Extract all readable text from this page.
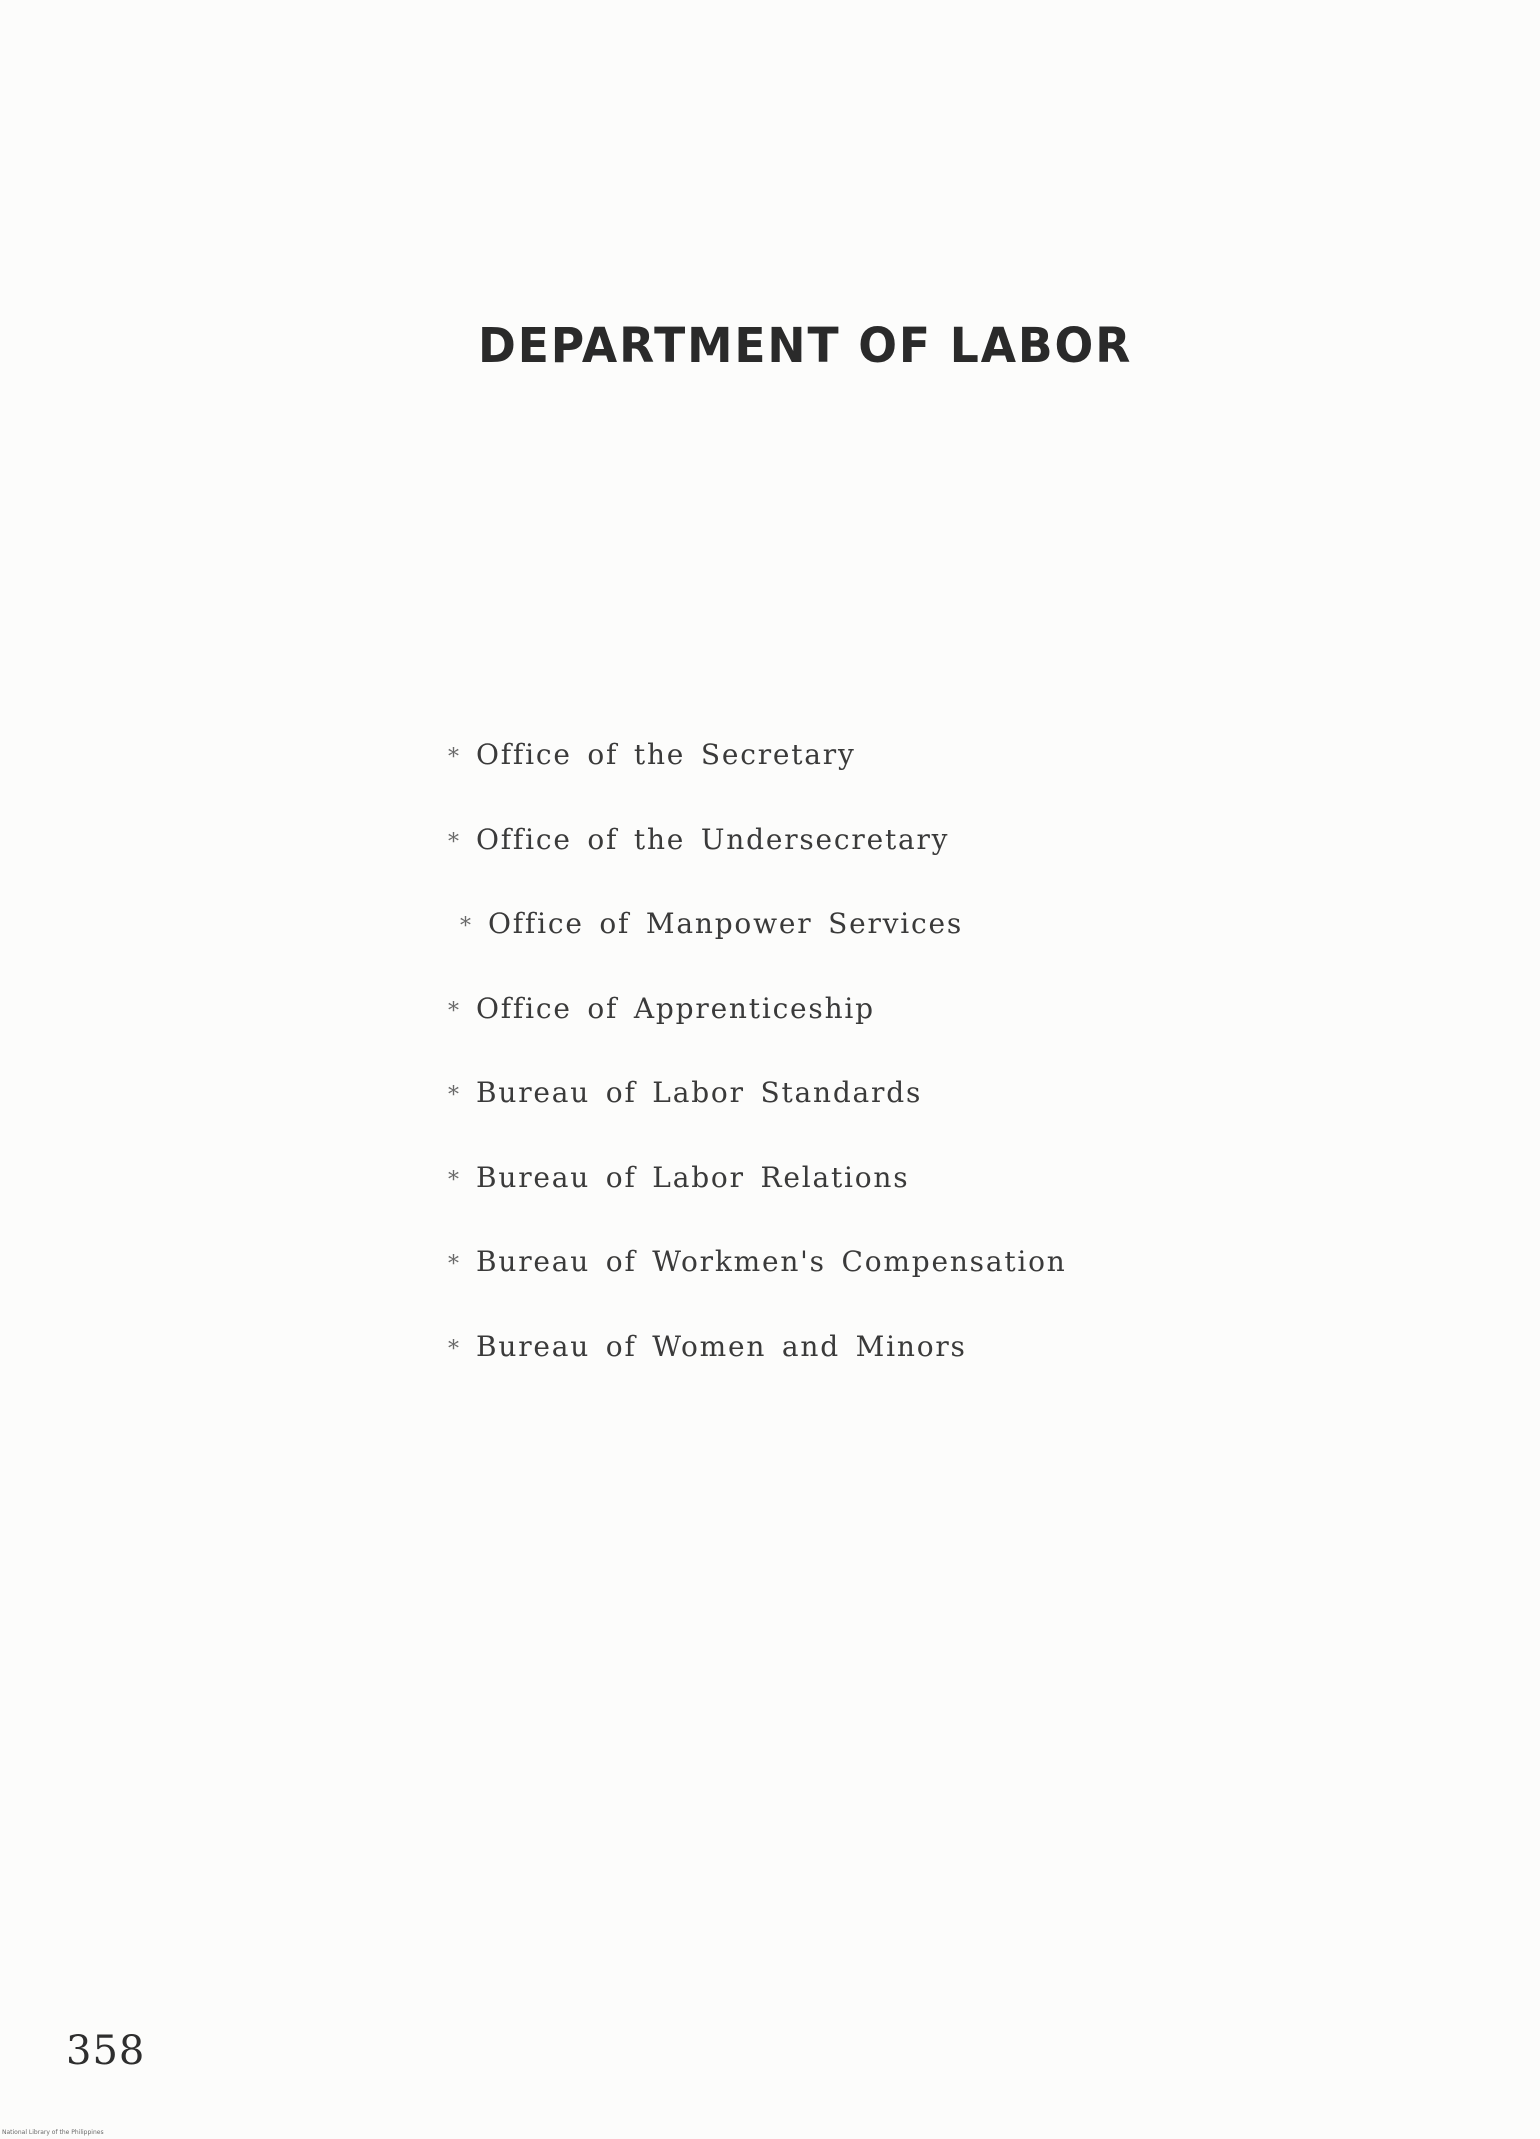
DEPARTMENT OF LABOR
* Office of the Secretary
* Office of the Undersecretary
* Office of Manpower Services
* Office of Apprenticeship
* Bureau of Labor Standards
* Bureau of Labor Relations
* Bureau of Workmen's Compensation
* Bureau of Women and Minors
358
National Library of the Philippines
